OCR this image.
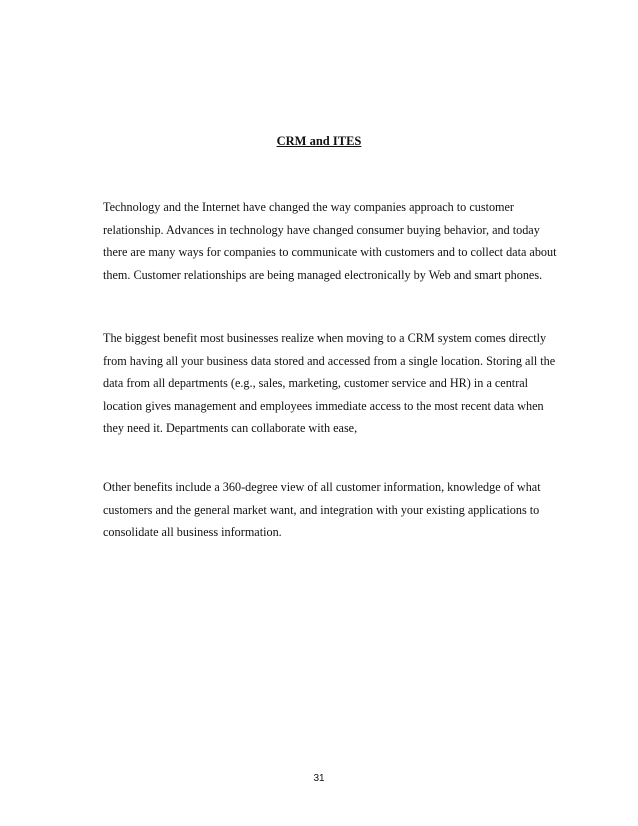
CRM and ITES

Technology and the Internet have changed the way companies approach to customer
relationship. Advances in technology have changed consumer buying behavior, and today
there are many ways for companies to communicate with customers and to collect data about
them. Customer relationships are being managed electronically by Web and smart phones.

The biggest benefit most businesses realize when moving to a CRM system comes directly
from having all your business data stored and accessed from a single location. Storing all the
data from all departments (e.g., sales, marketing, customer service and HR) in a central
location gives management and employees immediate access to the most recent data when
they need it. Departments can collaborate with ease,

Other benefits include a 360-degree view of all customer information, knowledge of what
customers and the general market want, and integration with your existing applications to
consolidate all business information.

31
